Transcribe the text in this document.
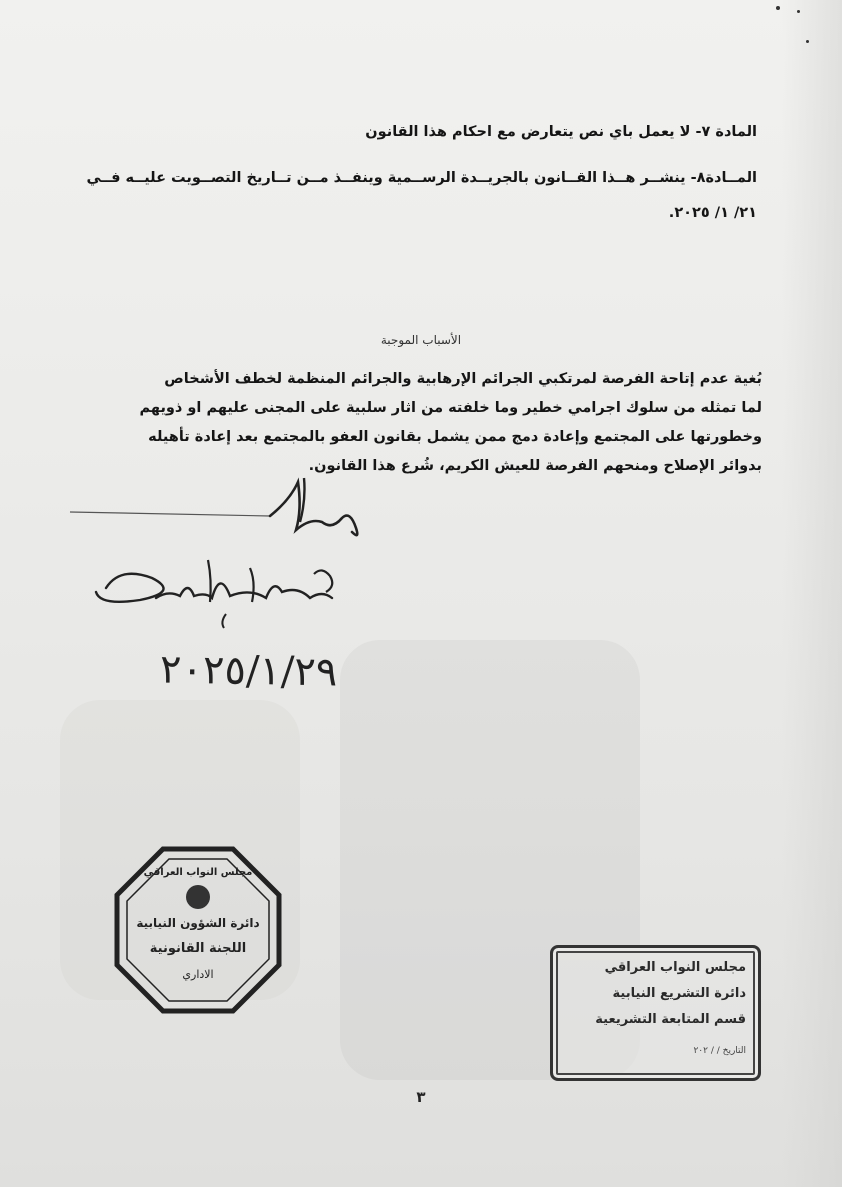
المادة ٧- لا يعمل باي نص يتعارض مع احكام هذا القانون
المــادة٨- ينشــر هــذا القــانون بالجريــدة الرســمية وينفــذ مــن تــاريخ التصــويت عليــه فــي
٢١/ ١/ ٢٠٢٥.
الأسباب الموجبة
بُغية عدم إتاحة الفرصة لمرتكبي الجرائم الإرهابية والجرائم المنظمة لخطف الأشخاص
لما تمثله من سلوك اجرامي خطير وما خلفته من اثار سلبية على المجنى عليهم او ذويهم
وخطورتها على المجتمع وإعادة دمج ممن يشمل بقانون العفو بالمجتمع بعد إعادة تأهيله
بدوائر الإصلاح ومنحهم الفرصة للعيش الكريم، شُرع هذا القانون.
٢٠٢٥/١/٢٩
مجلس النواب العراقي
دائرة الشؤون النيابية
اللجنة القانونية
الاداري	مجلس النواب العراقي
دائرة التشريع النيابية
قسم المتابعة التشريعية
التاريخ / / ٢٠٢
٣
